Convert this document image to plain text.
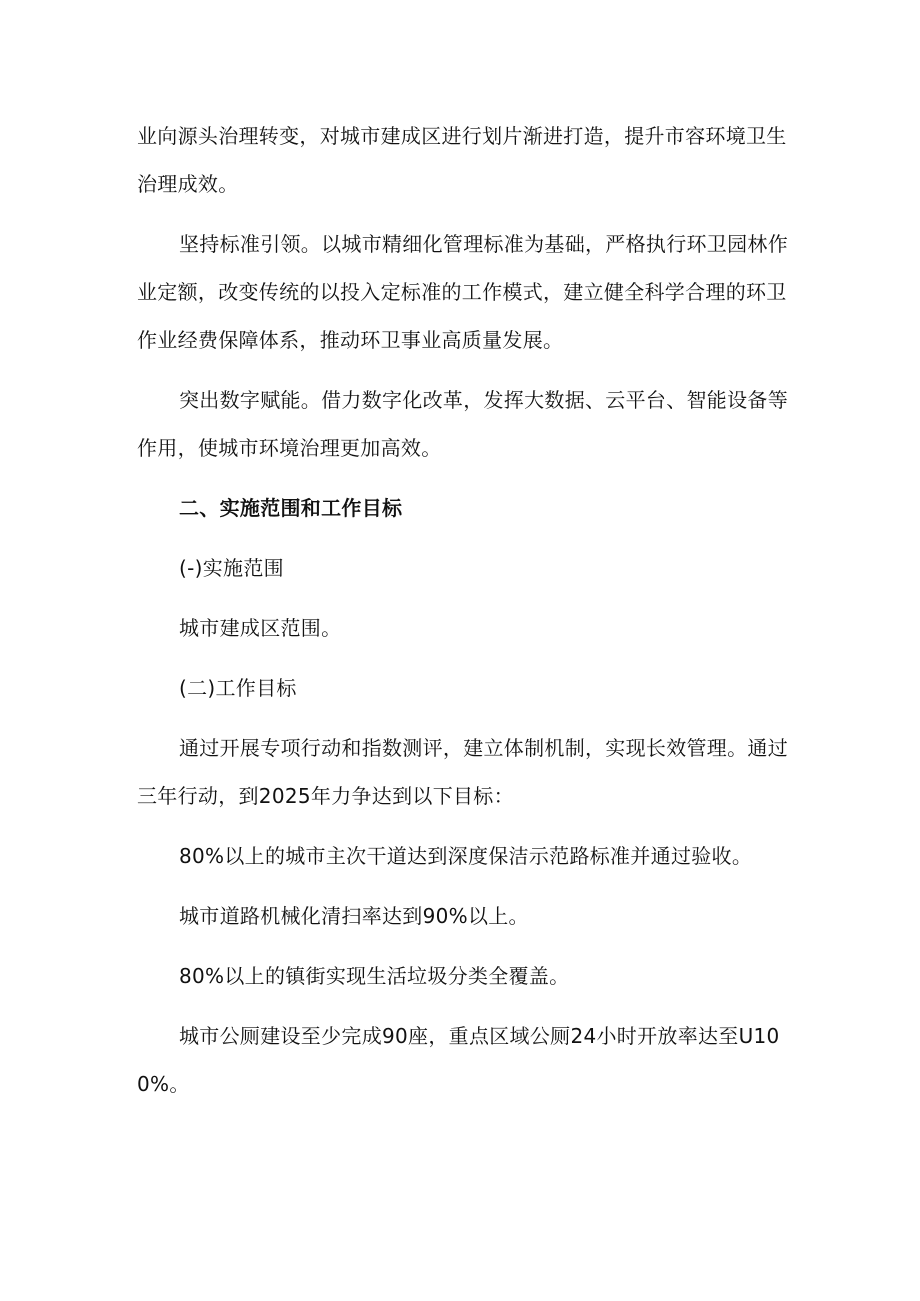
业向源头治理转变，对城市建成区进行划片渐进打造，提升市容环境卫生治理成效。

坚持标准引领。以城市精细化管理标准为基础，严格执行环卫园林作业定额，改变传统的以投入定标准的工作模式，建立健全科学合理的环卫作业经费保障体系，推动环卫事业高质量发展。

突出数字赋能。借力数字化改革，发挥大数据、云平台、智能设备等作用，使城市环境治理更加高效。

二、实施范围和工作目标

(-)实施范围

城市建成区范围。

(二)工作目标

通过开展专项行动和指数测评，建立体制机制，实现长效管理。通过三年行动，到2025年力争达到以下目标：

80%以上的城市主次干道达到深度保洁示范路标准并通过验收。

城市道路机械化清扫率达到90%以上。

80%以上的镇街实现生活垃圾分类全覆盖。

城市公厕建设至少完成90座，重点区域公厕24小时开放率达至U100%。
